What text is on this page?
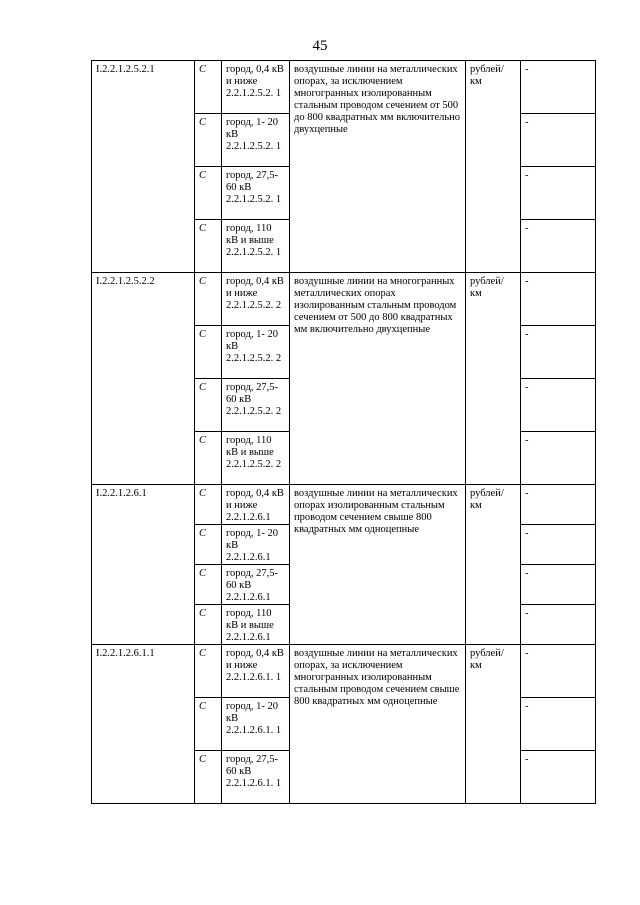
45
I.2.2.1.2.5.2.1	С	город, 0,4 кВ и ниже 2.2.1.2.5.2. 1	воздушные линии на металлических опорах, за исключением многогранных изолированным стальным проводом сечением от 500 до 800 квадратных мм включительно двухцепные	рублей/ км	-
	С	город, 1- 20 кВ 2.2.1.2.5.2. 1			-
	С	город, 27,5-60 кВ 2.2.1.2.5.2. 1			-
	С	город, 110 кВ и выше 2.2.1.2.5.2. 1			-
I.2.2.1.2.5.2.2	С	город, 0,4 кВ и ниже 2.2.1.2.5.2. 2	воздушные линии на многогранных металлических опорах изолированным стальным проводом сечением от 500 до 800 квадратных мм включительно двухцепные	рублей/ км	-
	С	город, 1- 20 кВ 2.2.1.2.5.2. 2			-
	С	город, 27,5-60 кВ 2.2.1.2.5.2. 2			-
	С	город, 110 кВ и выше 2.2.1.2.5.2. 2			-
I.2.2.1.2.6.1	С	город, 0,4 кВ и ниже 2.2.1.2.6.1	воздушные линии на металлических опорах изолированным стальным проводом сечением свыше 800 квадратных мм одноцепные	рублей/ км	-
	С	город, 1- 20 кВ 2.2.1.2.6.1			-
	С	город, 27,5-60 кВ 2.2.1.2.6.1			-
	С	город, 110 кВ и выше 2.2.1.2.6.1			-
I.2.2.1.2.6.1.1	С	город, 0,4 кВ и ниже 2.2.1.2.6.1. 1	воздушные линии на металлических опорах, за исключением многогранных изолированным стальным проводом сечением свыше 800 квадратных мм одноцепные	рублей/ км	-
	С	город, 1- 20 кВ 2.2.1.2.6.1. 1			-
	С	город, 27,5-60 кВ 2.2.1.2.6.1. 1			-
